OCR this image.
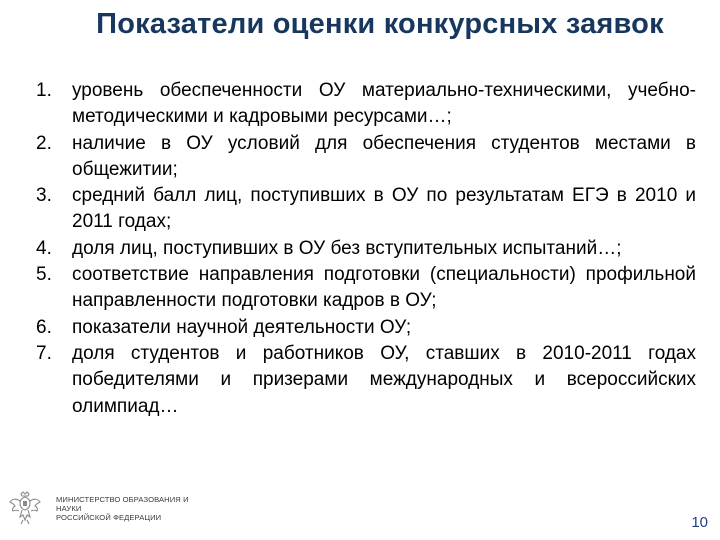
Показатели оценки конкурсных заявок
1.	уровень обеспеченности ОУ материально-техническими, учебно-методическими и кадровыми ресурсами…;
2.	наличие в ОУ условий для обеспечения студентов местами в общежитии;
3.	средний балл лиц, поступивших в ОУ по результатам ЕГЭ в 2010 и 2011 годах;
4.	доля лиц, поступивших в ОУ без вступительных испытаний…;
5.	соответствие направления подготовки (специальности) профильной направленности подготовки кадров в ОУ;
6.	показатели научной деятельности ОУ;
7.	доля студентов и работников ОУ, ставших в 2010-2011 годах победителями и призерами международных и всероссийских олимпиад…
МИНИСТЕРСТВО ОБРАЗОВАНИЯ И НАУКИ
РОССИЙСКОЙ ФЕДЕРАЦИИ	10
